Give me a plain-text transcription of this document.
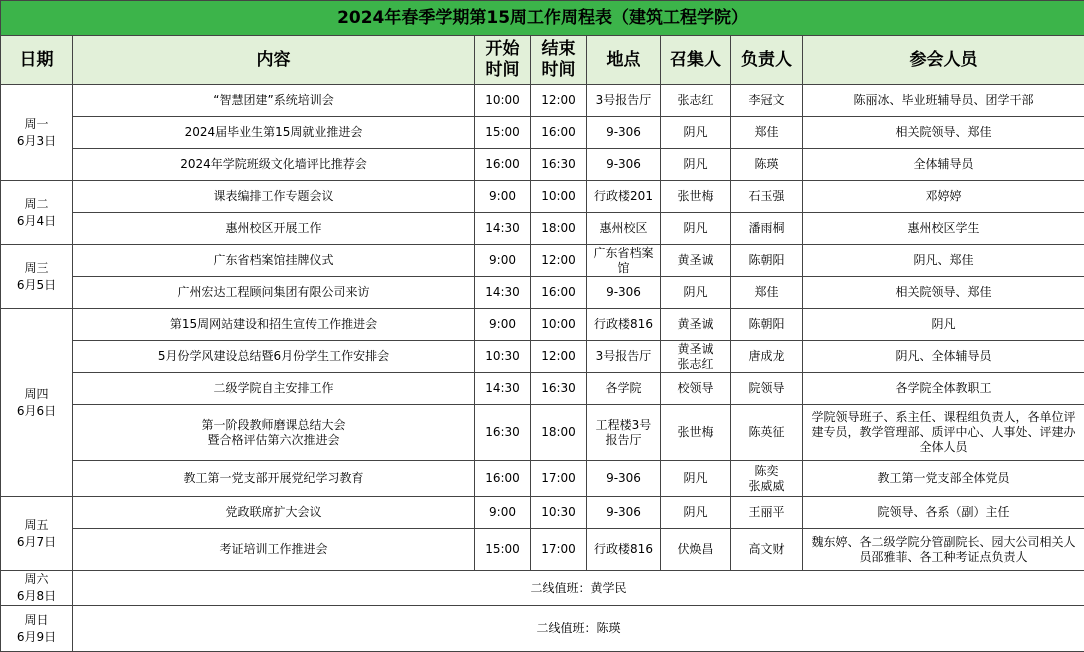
2024年春季学期第15周工作周程表（建筑工程学院）							
日期	内容	开始
时间	结束
时间	地点	召集人	负责人	参会人员
周一
6月3日	“智慧团建”系统培训会	10:00	12:00	3号报告厅	张志红	李冠文	陈丽冰、毕业班辅导员、团学干部
	2024届毕业生第15周就业推进会	15:00	16:00	9-306	阴凡	郑佳	相关院领导、郑佳
	2024年学院班级文化墙评比推荐会	16:00	16:30	9-306	阴凡	陈瑛	全体辅导员
周二
6月4日	课表编排工作专题会议	9:00	10:00	行政楼201	张世梅	石玉强	邓婷婷
	惠州校区开展工作	14:30	18:00	惠州校区	阴凡	潘雨桐	惠州校区学生
周三
6月5日	广东省档案馆挂牌仪式	9:00	12:00	广东省档案
馆	黄圣诚	陈朝阳	阴凡、郑佳
	广州宏达工程顾问集团有限公司来访	14:30	16:00	9-306	阴凡	郑佳	相关院领导、郑佳
周四
6月6日	第15周网站建设和招生宣传工作推进会	9:00	10:00	行政楼816	黄圣诚	陈朝阳	阴凡
	5月份学风建设总结暨6月份学生工作安排会	10:30	12:00	3号报告厅	黄圣诚
张志红	唐成龙	阴凡、全体辅导员
	二级学院自主安排工作	14:30	16:30	各学院	校领导	院领导	各学院全体教职工
	第一阶段教师磨课总结大会
暨合格评估第六次推进会	16:30	18:00	工程楼3号
报告厅	张世梅	陈英征	学院领导班子、系主任、课程组负责人，各单位评建专员，教学管理部、质评中心、人事处、评建办全体人员
	教工第一党支部开展党纪学习教育	16:00	17:00	9-306	阴凡	陈奕
张威威	教工第一党支部全体党员
周五
6月7日	党政联席扩大会议	9:00	10:30	9-306	阴凡	王丽平	院领导、各系（副）主任
	考证培训工作推进会	15:00	17:00	行政楼816	伏焕昌	高文财	魏东婷、各二级学院分管副院长、园大公司相关人员邵雅菲、各工种考证点负责人
周六
6月8日	二线值班：黄学民						
周日
6月9日	二线值班：陈瑛						
